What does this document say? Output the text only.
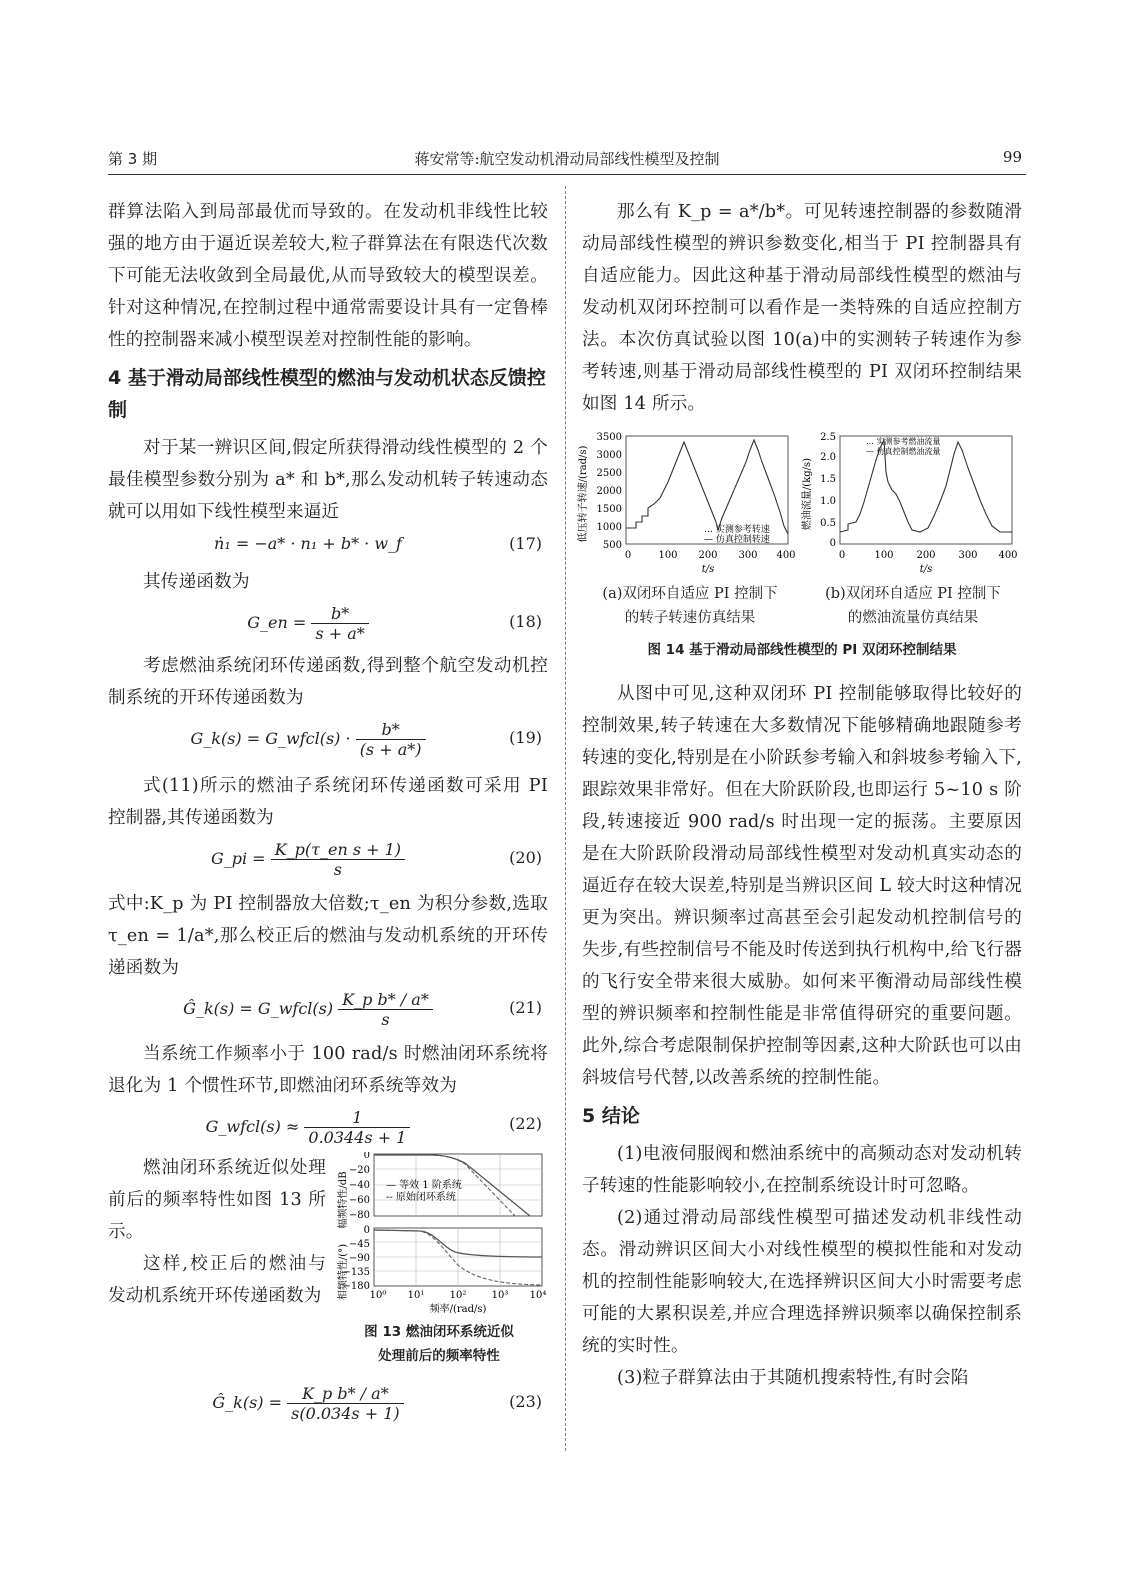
第 3 期	蒋安常等:航空发动机滑动局部线性模型及控制	99

群算法陷入到局部最优而导致的。在发动机非线性比较强的地方由于逼近误差较大,粒子群算法在有限迭代次数下可能无法收敛到全局最优,从而导致较大的模型误差。针对这种情况,在控制过程中通常需要设计具有一定鲁棒性的控制器来减小模型误差对控制性能的影响。

4 基于滑动局部线性模型的燃油与发动机状态反馈控制

对于某一辨识区间,假定所获得滑动线性模型的 2 个最佳模型参数分别为 a* 和 b*,那么发动机转子转速动态就可以用如下线性模型来逼近

ṅ₁ = −a* · n₁ + b* · w_f	(17)

其传递函数为

G_en = $\frac{b*}{s + a*}$	(18)

考虑燃油系统闭环传递函数,得到整个航空发动机控制系统的开环传递函数为

G_k(s) = G_wfcl(s) · $\frac{b*}{(s + a*)}$	(19)

式(11)所示的燃油子系统闭环传递函数可采用 PI 控制器,其传递函数为

G_pi = $\frac{\text{K\_p(τ\_en s + 1)}}{s}$	(20)

式中:K_p 为 PI 控制器放大倍数;τ_en 为积分参数,选取 τ_en = 1/a*,那么校正后的燃油与发动机系统的开环传递函数为

Ĝ_k(s) = G_wfcl(s) $\frac{\text{K\_p b* / a*}}{s}$	(21)

当系统工作频率小于 100 rad/s 时燃油闭环系统将退化为 1 个惯性环节,即燃油闭环系统等效为

G_wfcl(s) ≈ $\frac{1}{0.0344s + 1}$	(22)

燃油闭环系统近似处理前后的频率特性如图 13 所示。

这样,校正后的燃油与发动机系统开环传递函数为

幅频特性/dB
相频特性/(°)
0
−20
−40
−60
−80
0
−45
−90
−135
−180
— 等效 1 阶系统
-- 原始闭环系统
10⁰ 10¹	10²	10³ 10⁴
频率/(rad/s)
图 13 燃油闭环系统近似
处理前后的频率特性
Ĝ_k(s) = $\frac{\text{K\_p b* / a*}}{s(0.034s + 1)}$	(23)

那么有 K_p = a*/b*。可见转速控制器的参数随滑动局部线性模型的辨识参数变化,相当于 PI 控制器具有自适应能力。因此这种基于滑动局部线性模型的燃油与发动机双闭环控制可以看作是一类特殊的自适应控制方法。本次仿真试验以图 10(a)中的实测转子转速作为参考转速,则基于滑动局部线性模型的 PI 双闭环控制结果如图 14 所示。

低压转子转速/(rad/s)
3500
3000
2500
2000
1500
1000
500
… 实测参考转速
— 仿真控制转速
0	100 200 300 400
t/s
燃油流量/(kg/s)
2.5
2.0
1.5
1.0
0.5
0
… 实测参考燃油流量
— 仿真控制燃油流量
0	100 200 300 400
t/s
(a)双闭环自适应 PI 控制下
的转子转速仿真结果
(b)双闭环自适应 PI 控制下
的燃油流量仿真结果
图 14 基于滑动局部线性模型的 PI 双闭环控制结果

从图中可见,这种双闭环 PI 控制能够取得比较好的控制效果,转子转速在大多数情况下能够精确地跟随参考转速的变化,特别是在小阶跃参考输入和斜坡参考输入下,跟踪效果非常好。但在大阶跃阶段,也即运行 5~10 s 阶段,转速接近 900 rad/s 时出现一定的振荡。主要原因是在大阶跃阶段滑动局部线性模型对发动机真实动态的逼近存在较大误差,特别是当辨识区间 L 较大时这种情况更为突出。辨识频率过高甚至会引起发动机控制信号的失步,有些控制信号不能及时传送到执行机构中,给飞行器的飞行安全带来很大威胁。如何来平衡滑动局部线性模型的辨识频率和控制性能是非常值得研究的重要问题。此外,综合考虑限制保护控制等因素,这种大阶跃也可以由斜坡信号代替,以改善系统的控制性能。

5 结论

(1)电液伺服阀和燃油系统中的高频动态对发动机转子转速的性能影响较小,在控制系统设计时可忽略。

(2)通过滑动局部线性模型可描述发动机非线性动态。滑动辨识区间大小对线性模型的模拟性能和对发动机的控制性能影响较大,在选择辨识区间大小时需要考虑可能的大累积误差,并应合理选择辨识频率以确保控制系统的实时性。

(3)粒子群算法由于其随机搜索特性,有时会陷
